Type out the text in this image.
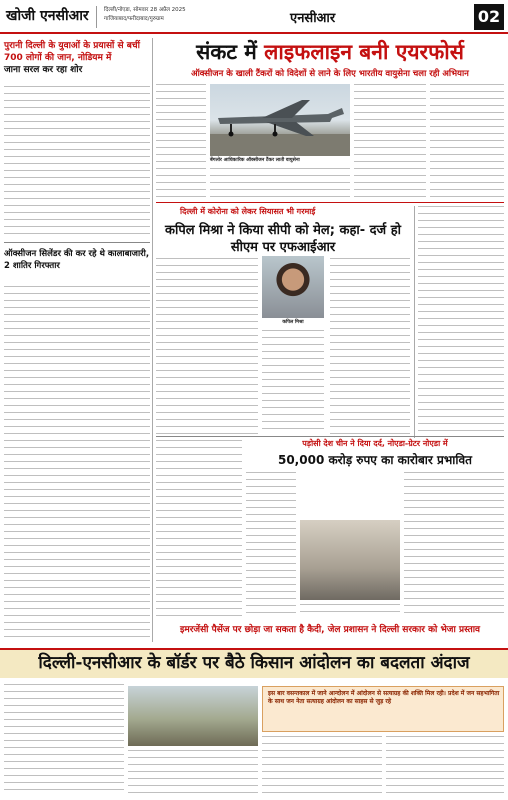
खोजी एनसीआर	दिल्ली/नोएडा, सोमवार 28 अप्रैल 2025
गाजियाबाद/फरीदाबाद/गुरुग्राम	एनसीआर	02
पुरानी दिल्ली के युवाओं के प्रयासों से बचीं 700 लोगों की जान, नोडियम में
जाना सरल कर रहा शोर
ऑक्सीजन सिलेंडर की कर रहे थे कालाबाजारी, 2 शातिर गिरफ्तार
संकट में लाइफलाइन बनी एयरफोर्स
ऑक्सीजन के खाली टैंकरों को विदेशों से लाने के लिए भारतीय वायुसेना चला रही अभियान
बेंगलोर आधिकारिक ऑक्सीजन टैंकर लाती वायुसेना
दिल्ली में कोरोना को लेकर सियासत भी गरमाई
कपिल मिश्रा ने किया सीपी को मेल; कहा- दर्ज हो सीएम पर एफआईआर
कपिल मिश्रा
पड़ोसी देश चीन ने दिया दर्द, नोएडा-ग्रेटर नोएडा में
50,000 करोड़ रुपए का कारोबार प्रभावित
इमरजेंसी पैसेंज पर छोड़ा जा सकता है कैदी, जेल प्रशासन ने दिल्ली सरकार को भेजा प्रस्ताव
दिल्ली-एनसीआर के बॉर्डर पर बैठे किसान आंदोलन का बदलता अंदाज
इस बार वसन्तकाल में जाने आन्दोलन में आंदोलन से सत्याग्रह की शक्ति मिल रही। प्रदेश में जन सहभागिता के साथ जन नेता सत्याग्रह आंदोलन का साहस से जुड़ रहे
